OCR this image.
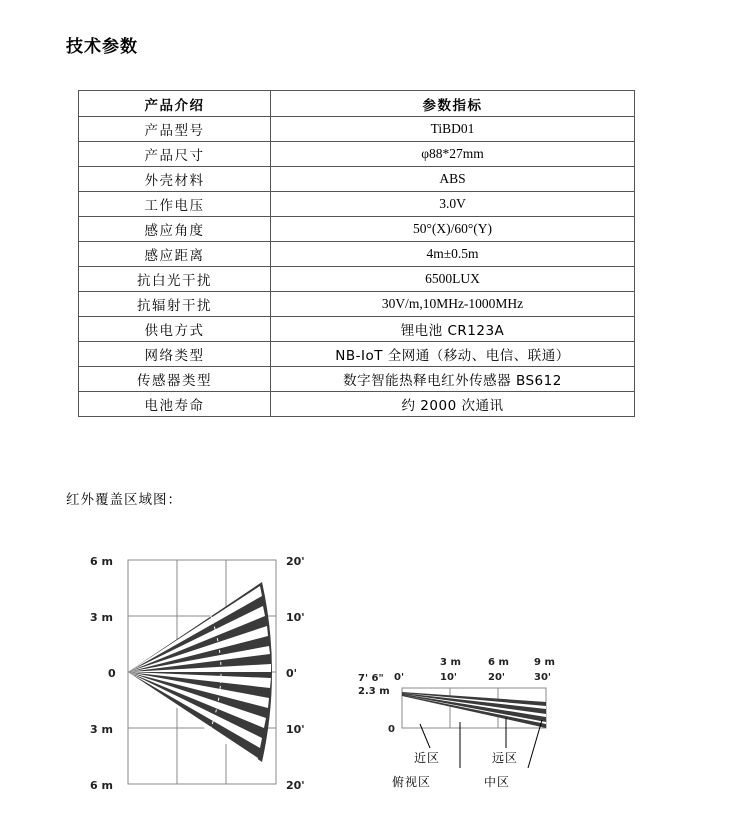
技术参数
产品介绍	参数指标
产品型号	TiBD01
产品尺寸	φ88*27mm
外壳材料	ABS
工作电压	3.0V
感应角度	50°(X)/60°(Y)
感应距离	4m±0.5m
抗白光干扰	6500LUX
抗辐射干扰	30V/m,10MHz-1000MHz
供电方式	锂电池 CR123A
网络类型	NB-IoT 全网通（移动、电信、联通）
传感器类型	数字智能热释电红外传感器 BS612
电池寿命	约 2000 次通讯
红外覆盖区域图：
6 m
3 m
0
3 m
6 m
20'
10'
0'
10'
20'
0'
3 m	6 m	9 m
10'	20'	30'
7' 6"
2.3 m
0
近区	远区
俯视区	中区
